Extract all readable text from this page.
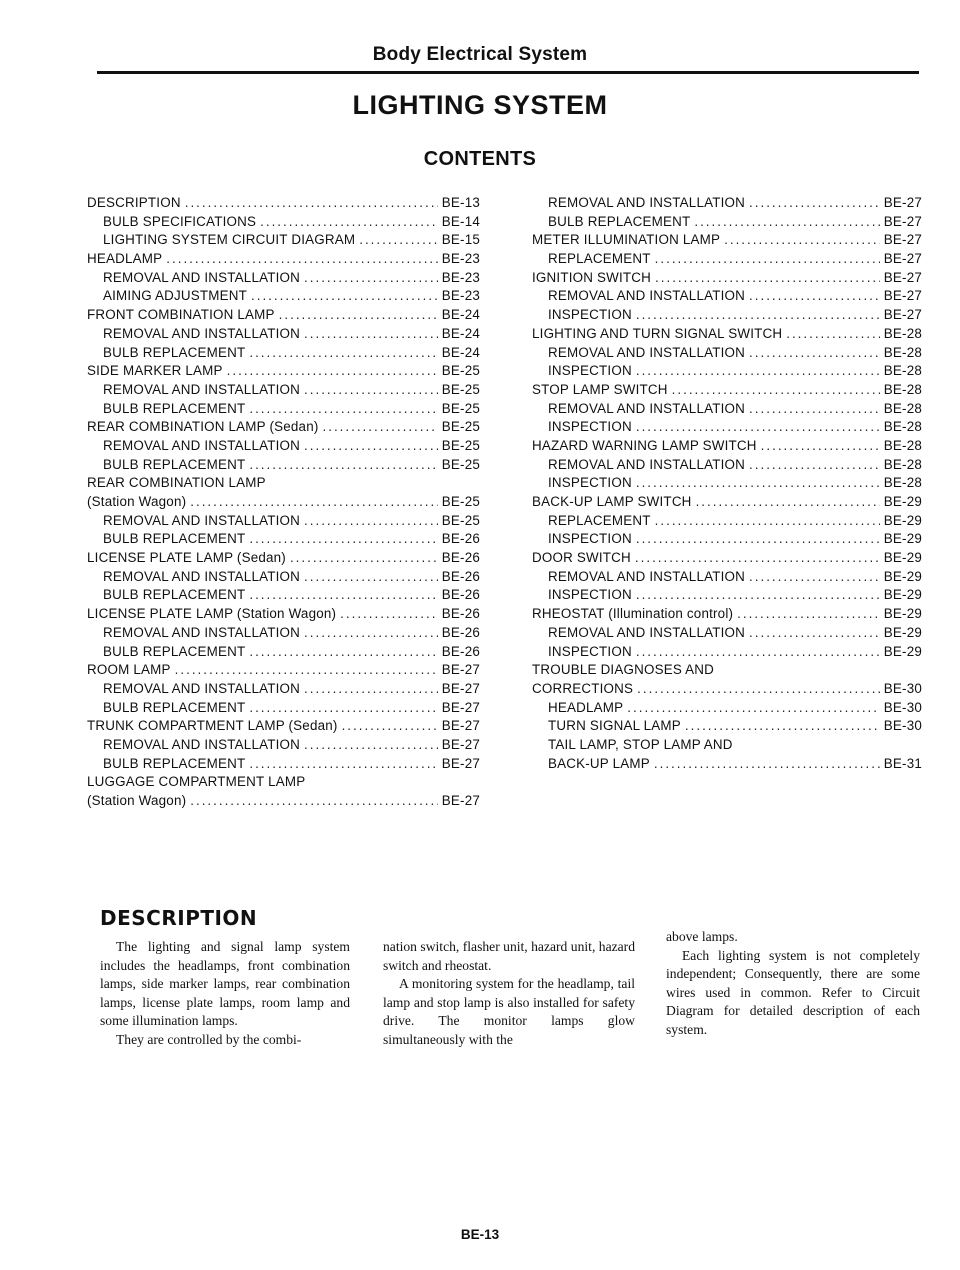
Body Electrical System
LIGHTING SYSTEM
CONTENTS
DESCRIPTION .....	BE-13
BULB SPECIFICATIONS .....	BE-14
LIGHTING SYSTEM CIRCUIT DIAGRAM .....	BE-15
HEADLAMP .....	BE-23
REMOVAL AND INSTALLATION .....	BE-23
AIMING ADJUSTMENT .....	BE-23
FRONT COMBINATION LAMP .....	BE-24
REMOVAL AND INSTALLATION .....	BE-24
BULB REPLACEMENT .....	BE-24
SIDE MARKER LAMP .....	BE-25
REMOVAL AND INSTALLATION .....	BE-25
BULB REPLACEMENT .....	BE-25
REAR COMBINATION LAMP (Sedan) .....	BE-25
REMOVAL AND INSTALLATION .....	BE-25
BULB REPLACEMENT .....	BE-25
REAR COMBINATION LAMP
(Station Wagon) .....	BE-25
REMOVAL AND INSTALLATION .....	BE-25
BULB REPLACEMENT .....	BE-26
LICENSE PLATE LAMP (Sedan) .....	BE-26
REMOVAL AND INSTALLATION .....	BE-26
BULB REPLACEMENT .....	BE-26
LICENSE PLATE LAMP (Station Wagon) .....	BE-26
REMOVAL AND INSTALLATION .....	BE-26
BULB REPLACEMENT .....	BE-26
ROOM LAMP .....	BE-27
REMOVAL AND INSTALLATION .....	BE-27
BULB REPLACEMENT .....	BE-27
TRUNK COMPARTMENT LAMP (Sedan) .....	BE-27
REMOVAL AND INSTALLATION .....	BE-27
BULB REPLACEMENT .....	BE-27
LUGGAGE COMPARTMENT LAMP
(Station Wagon) .....	BE-27
REMOVAL AND INSTALLATION .....	BE-27
BULB REPLACEMENT .....	BE-27
METER ILLUMINATION LAMP .....	BE-27
REPLACEMENT .....	BE-27
IGNITION SWITCH .....	BE-27
REMOVAL AND INSTALLATION .....	BE-27
INSPECTION .....	BE-27
LIGHTING AND TURN SIGNAL SWITCH .....	BE-28
REMOVAL AND INSTALLATION .....	BE-28
INSPECTION .....	BE-28
STOP LAMP SWITCH .....	BE-28
REMOVAL AND INSTALLATION .....	BE-28
INSPECTION .....	BE-28
HAZARD WARNING LAMP SWITCH .....	BE-28
REMOVAL AND INSTALLATION .....	BE-28
INSPECTION .....	BE-28
BACK-UP LAMP SWITCH .....	BE-29
REPLACEMENT .....	BE-29
INSPECTION .....	BE-29
DOOR SWITCH .....	BE-29
REMOVAL AND INSTALLATION .....	BE-29
INSPECTION .....	BE-29
RHEOSTAT (Illumination control) .....	BE-29
REMOVAL AND INSTALLATION .....	BE-29
INSPECTION .....	BE-29
TROUBLE DIAGNOSES AND
CORRECTIONS .....	BE-30
HEADLAMP .....	BE-30
TURN SIGNAL LAMP .....	BE-30
TAIL LAMP, STOP LAMP AND
BACK-UP LAMP .....	BE-31
DESCRIPTION

The lighting and signal lamp system includes the headlamps, front combination lamps, side marker lamps, rear combination lamps, license plate lamps, room lamp and some illumination lamps.

They are controlled by the combi-

nation switch, flasher unit, hazard unit, hazard switch and rheostat.

A monitoring system for the headlamp, tail lamp and stop lamp is also installed for safety drive. The monitor lamps glow simultaneously with the

above lamps.

Each lighting system is not completely independent; Consequently, there are some wires used in common. Refer to Circuit Diagram for detailed description of each system.

BE-13
